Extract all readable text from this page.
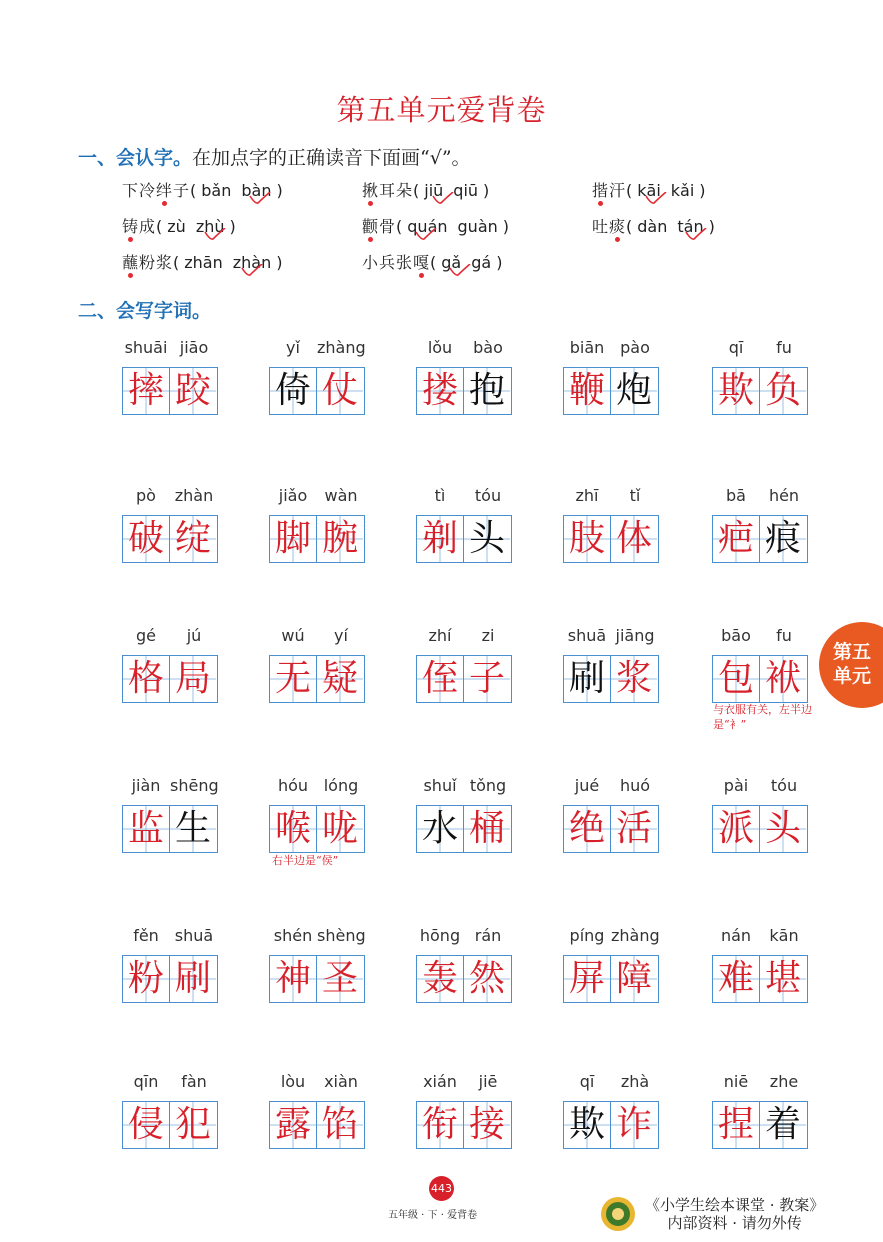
第五单元爱背卷
一、会认字。在加点字的正确读音下面画“√”。
下冷绊子
( bǎn bàn )	揪耳朵
( jiū qiū )	揩汗
( kāi kǎi )
铸成
( zù zhù )	颧骨
( quán guàn )	吐痰
( dàn tán )
蘸粉浆
( zhān zhàn )	小兵张嘎
( gǎ gá )
二、会写字词。
shuāi jiāo
摔 跤
yǐ	zhàng
倚 仗
lǒu	bào
搂 抱
biān pào
鞭 炮
qī	fu
欺 负
pò	zhàn
破 绽
jiǎo	wàn
脚 腕
tì	tóu
剃 头
zhī	tǐ
肢 体
bā	hén
疤 痕
gé	jú
格 局
wú	yí
无 疑
zhí	zi
侄 子
shuā jiāng
刷 浆
bāo	fu
包 袱
jiàn shēng
监 生
hóu lóng
喉 咙
shuǐ tǒng
水 桶
jué	huó
绝 活
pài	tóu
派 头
fěn shuā
粉 刷
shén shèng
神 圣
hōng rán
轰 然
píng zhàng
屏 障
nán	kān
难 堪
qīn	fàn
侵 犯
lòu	xiàn
露 馅
xián	jiē
衔 接
qī	zhà
欺 诈
niē	zhe
捏 着
与衣服有关，左半边是“衤”
右半边是“侯”
第五
单元
443
五年级 · 下 · 爱背卷
《小学生绘本课堂 · 教案》
内部资料 · 请勿外传
